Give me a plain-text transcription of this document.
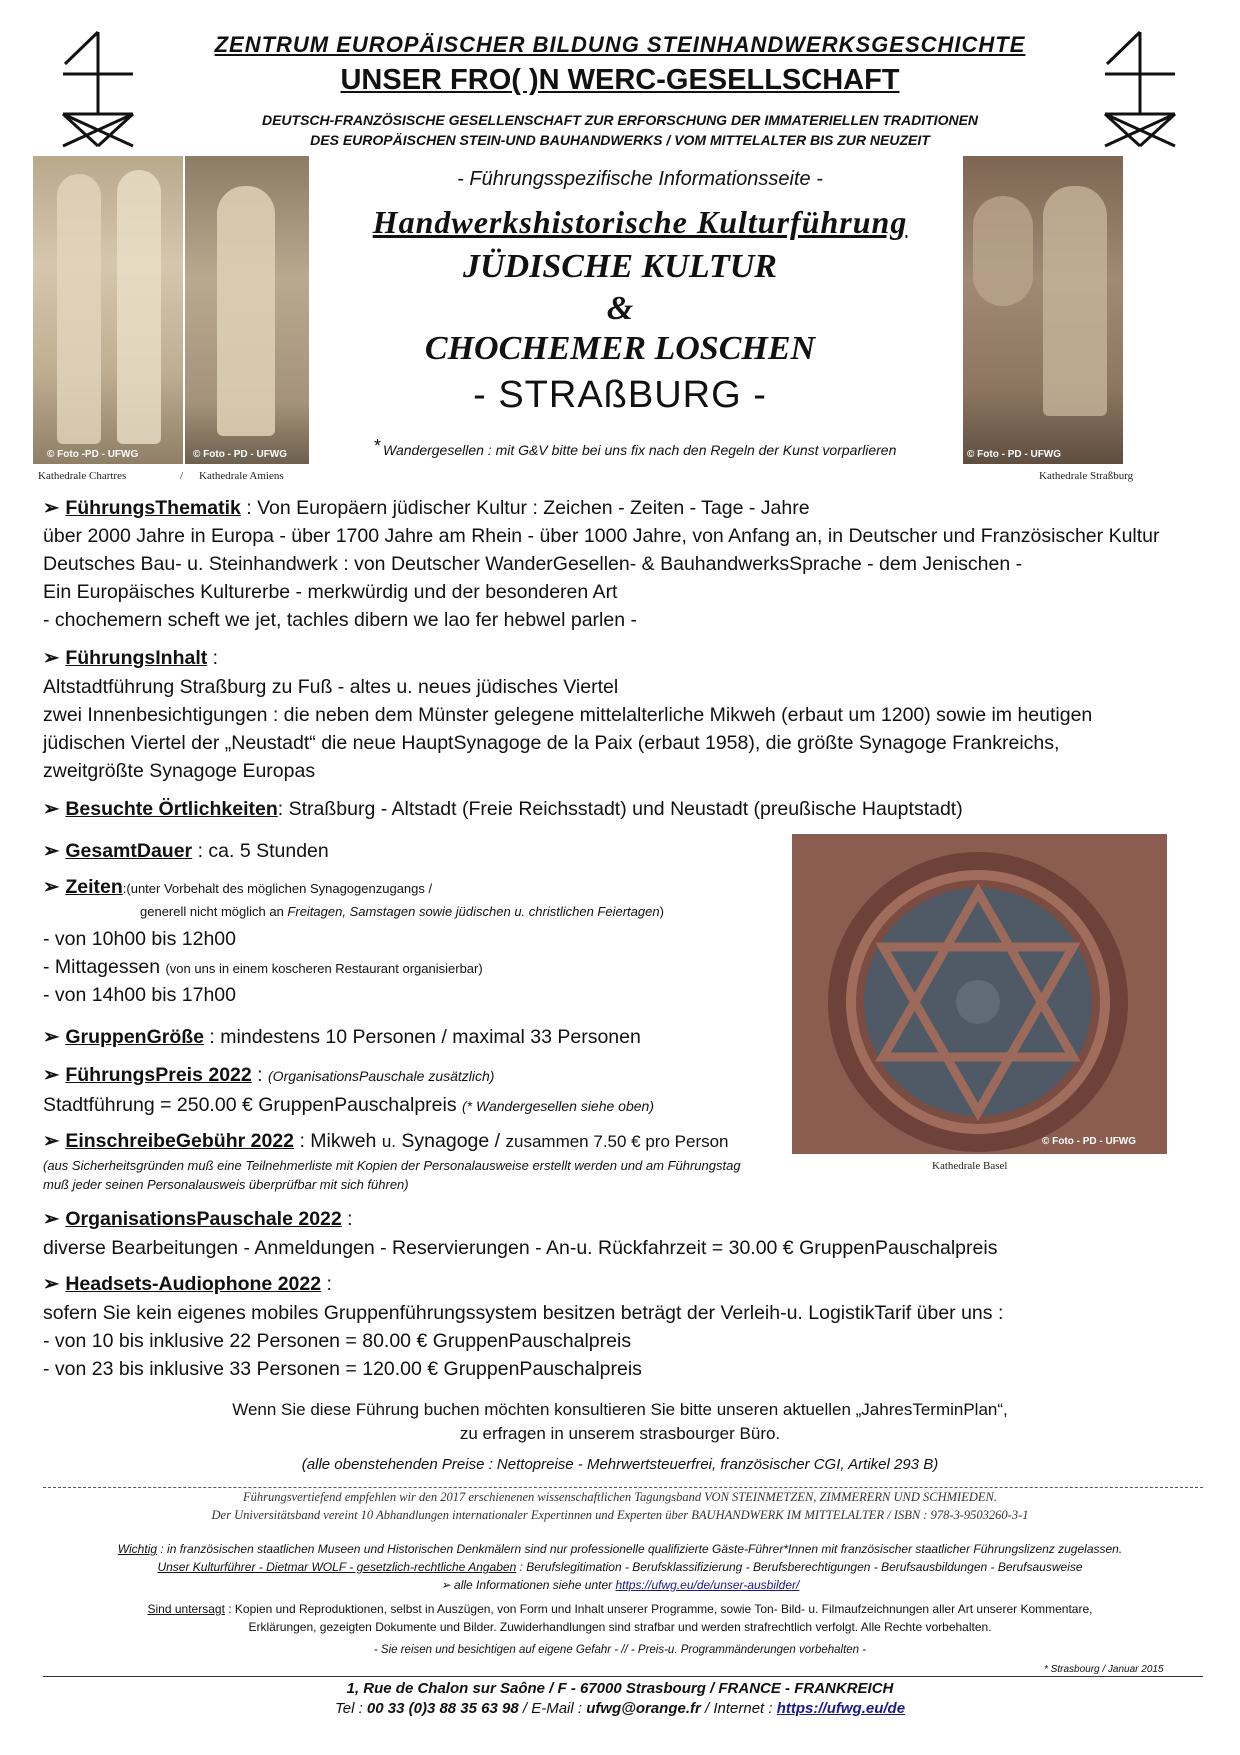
ZENTRUM EUROPÄISCHER BILDUNG STEINHANDWERKSGESCHICHTE
UNSER FRO( )N WERC-GESELLSCHAFT
DEUTSCH-FRANZÖSISCHE GESELLENSCHAFT ZUR ERFORSCHUNG DER IMMATERIELLEN TRADITIONEN
DES EUROPÄISCHEN STEIN-UND BAUHANDWERKS / VOM MITTELALTER BIS ZUR NEUZEIT
© Foto -PD - UFWG	© Foto - PD - UFWG	© Foto - PD - UFWG
Kathedrale Chartres	/ Kathedrale Amiens	Kathedrale Straßburg
- Führungsspezifische Informationsseite -
Handwerkshistorische Kulturführung
JÜDISCHE KULTUR
&
CHOCHEMER LOSCHEN
- STRAßBURG -
* Wandergesellen : mit G&V bitte bei uns fix nach den Regeln der Kunst vorparlieren
➢ FührungsThematik : Von Europäern jüdischer Kultur : Zeichen - Zeiten - Tage - Jahre
über 2000 Jahre in Europa - über 1700 Jahre am Rhein - über 1000 Jahre, von Anfang an, in Deutscher und Französischer Kultur
Deutsches Bau- u. Steinhandwerk : von Deutscher WanderGesellen- & BauhandwerksSprache - dem Jenischen -
Ein Europäisches Kulturerbe - merkwürdig und der besonderen Art
- chochemern scheft we jet, tachles dibern we lao fer hebwel parlen -
➢ FührungsInhalt :
Altstadtführung Straßburg zu Fuß - altes u. neues jüdisches Viertel
zwei Innenbesichtigungen : die neben dem Münster gelegene mittelalterliche Mikweh (erbaut um 1200) sowie im heutigen
jüdischen Viertel der „Neustadt“ die neue HauptSynagoge de la Paix (erbaut 1958), die größte Synagoge Frankreichs,
zweitgrößte Synagoge Europas
➢ Besuchte Örtlichkeiten: Straßburg - Altstadt (Freie Reichsstadt) und Neustadt (preußische Hauptstadt)
➢ GesamtDauer : ca. 5 Stunden
➢ Zeiten:(unter Vorbehalt des möglichen Synagogenzugangs /
generell nicht möglich an Freitagen, Samstagen sowie jüdischen u. christlichen Feiertagen)
- von 10h00 bis 12h00
- Mittagessen (von uns in einem koscheren Restaurant organisierbar)
- von 14h00 bis 17h00
➢ GruppenGröße : mindestens 10 Personen / maximal 33 Personen
➢ FührungsPreis 2022 : (OrganisationsPauschale zusätzlich)
Stadtführung = 250.00 € GruppenPauschalpreis (* Wandergesellen siehe oben)
➢ EinschreibeGebühr 2022 : Mikweh u. Synagoge / zusammen 7.50 € pro Person
(aus Sicherheitsgründen muß eine Teilnehmerliste mit Kopien der Personalausweise erstellt werden und am Führungstag
muß jeder seinen Personalausweis überprüfbar mit sich führen)
➢ OrganisationsPauschale 2022 :
diverse Bearbeitungen - Anmeldungen - Reservierungen - An-u. Rückfahrzeit = 30.00 € GruppenPauschalpreis
➢ Headsets-Audiophone 2022 :
sofern Sie kein eigenes mobiles Gruppenführungssystem besitzen beträgt der Verleih-u. LogistikTarif über uns :
- von 10 bis inklusive 22 Personen = 80.00 € GruppenPauschalpreis
- von 23 bis inklusive 33 Personen = 120.00 € GruppenPauschalpreis
© Foto - PD - UFWG
Kathedrale Basel
Wenn Sie diese Führung buchen möchten konsultieren Sie bitte unseren aktuellen „JahresTerminPlan“,
zu erfragen in unserem strasbourger Büro.
(alle obenstehenden Preise : Nettopreise - Mehrwertsteuerfrei, französischer CGI, Artikel 293 B)
Führungsvertiefend empfehlen wir den 2017 erschienenen wissenschaftlichen Tagungsband VON STEINMETZEN, ZIMMERERN UND SCHMIEDEN.
Der Universitätsband vereint 10 Abhandlungen internationaler Expertinnen und Experten über BAUHANDWERK IM MITTELALTER / ISBN : 978-3-9503260-3-1
Wichtig : in französischen staatlichen Museen und Historischen Denkmälern sind nur professionelle qualifizierte Gäste-Führer*Innen mit französischer staatlicher Führungslizenz zugelassen.
Unser Kulturführer - Dietmar WOLF - gesetzlich-rechtliche Angaben : Berufslegitimation - Berufsklassifizierung - Berufsberechtigungen - Berufsausbildungen - Berufsausweise
➢ alle Informationen siehe unter https://ufwg.eu/de/unser-ausbilder/
Sind untersagt : Kopien und Reproduktionen, selbst in Auszügen, von Form und Inhalt unserer Programme, sowie Ton- Bild- u. Filmaufzeichnungen aller Art unserer Kommentare,
Erklärungen, gezeigten Dokumente und Bilder. Zuwiderhandlungen sind strafbar und werden strafrechtlich verfolgt. Alle Rechte vorbehalten.
- Sie reisen und besichtigen auf eigene Gefahr - // - Preis-u. Programmänderungen vorbehalten -
* Strasbourg / Januar 2015
1, Rue de Chalon sur Saône / F - 67000 Strasbourg / FRANCE - FRANKREICH
Tel : 00 33 (0)3 88 35 63 98 / E-Mail : ufwg@orange.fr / Internet : https://ufwg.eu/de
